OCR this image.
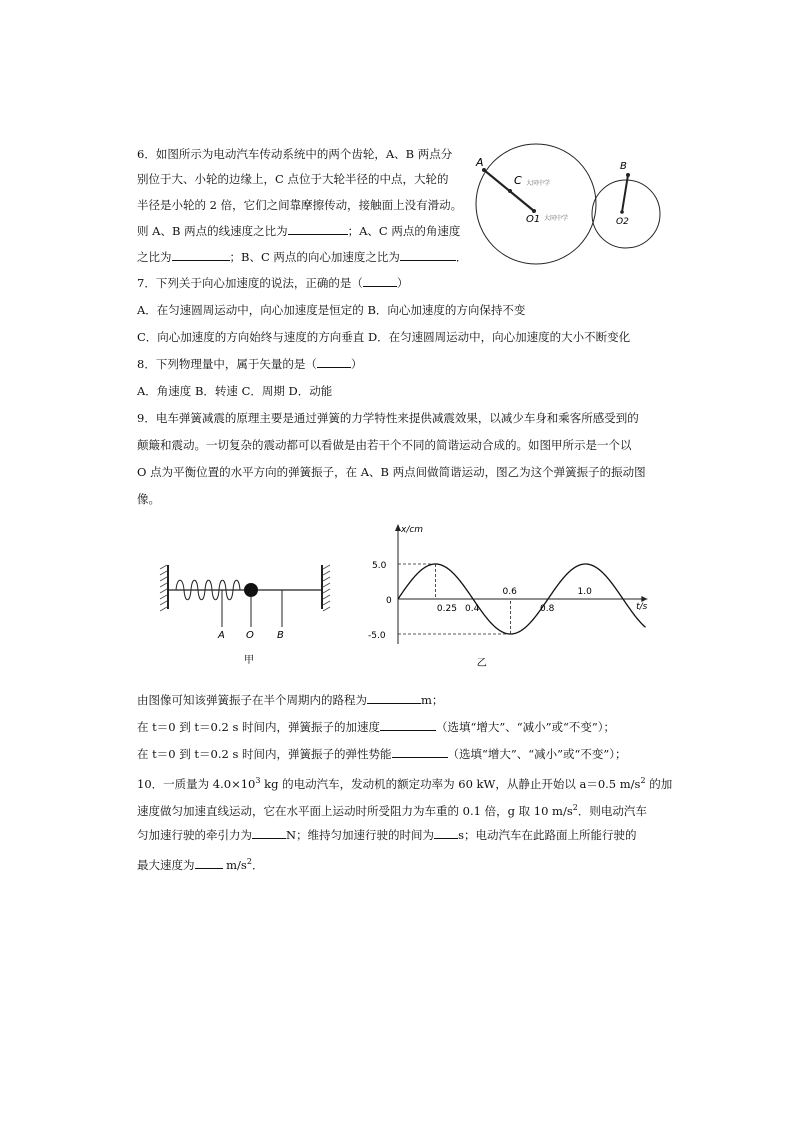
6．如图所示为电动汽车传动系统中的两个齿轮，A、B 两点分
别位于大、小轮的边缘上，C 点位于大轮半径的中点，大轮的
半径是小轮的 2 倍，它们之间靠摩擦传动，接触面上没有滑动。
则 A、B 两点的线速度之比为	；A、C 两点的角速度
之比为	；B、C 两点的向心加速度之比为	．
A
C
O1
B
O2
大同中学
大同中学
7．下列关于向心加速度的说法，正确的是（	）
A．在匀速圆周运动中，向心加速度是恒定的 B．向心加速度的方向保持不变
C．向心加速度的方向始终与速度的方向垂直 D．在匀速圆周运动中，向心加速度的大小不断变化
8．下列物理量中，属于矢量的是（	）
A．角速度 B．转速 C．周期 D．动能
9．电车弹簧减震的原理主要是通过弹簧的力学特性来提供减震效果，以减少车身和乘客所感受到的
颠簸和震动。一切复杂的震动都可以看做是由若干个不同的简谐运动合成的。如图甲所示是一个以
O 点为平衡位置的水平方向的弹簧振子，在 A、B 两点间做简谐运动，图乙为这个弹簧振子的振动图
像。
A O B
甲
x/cm
t/s
5.0
0
-5.0
0.25 0.4
0.6
0.8
1.0
乙
由图像可知该弹簧振子在半个周期内的路程为	m；
在 t＝0 到 t＝0.2 s 时间内，弹簧振子的加速度	（选填“增大”、“减小”或“不变”）；
在 t＝0 到 t＝0.2 s 时间内，弹簧振子的弹性势能	（选填“增大”、“减小”或“不变”）；
10．一质量为 $4.0\times 10^3$ kg 的电动汽车，发动机的额定功率为 60 kW，从静止开始以 a＝0.5 $m/s^2$ 的加
速度做匀加速直线运动，它在水平面上运动时所受阻力为车重的 0.1 倍，g 取 10 $m/s^2$．则电动汽车
匀加速行驶的牵引力为	N；维持匀加速行驶的时间为 s；电动汽车在此路面上所能行驶的
最大速度为 $m/s^2$．
